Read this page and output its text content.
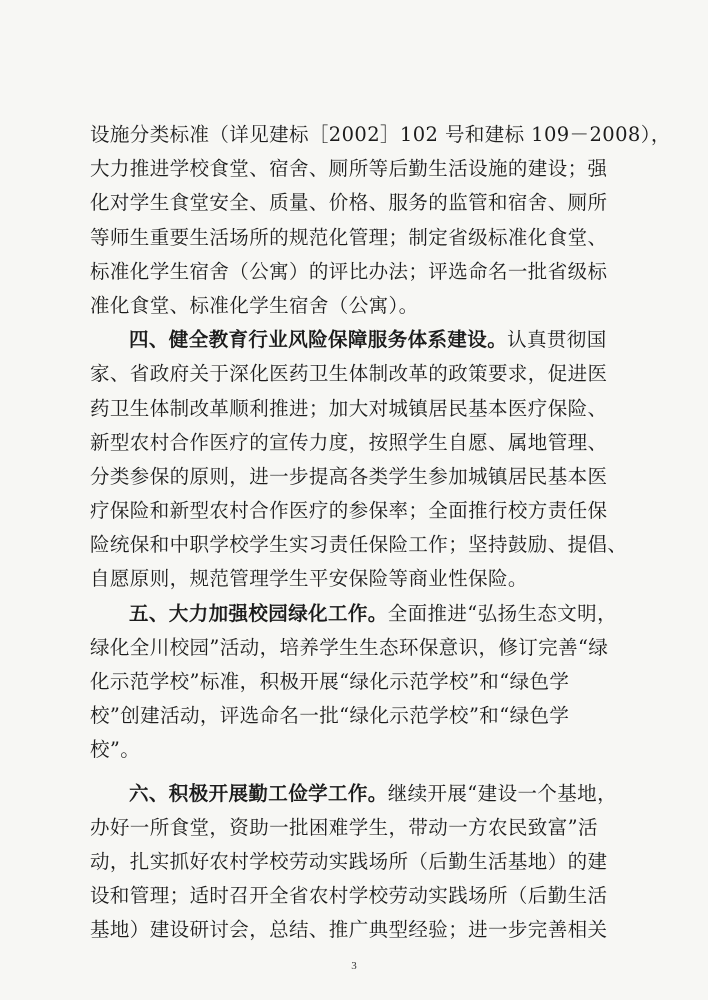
设施分类标准（详见建标［2002］102 号和建标 109－2008），
大力推进学校食堂、宿舍、厕所等后勤生活设施的建设；强
化对学生食堂安全、质量、价格、服务的监管和宿舍、厕所
等师生重要生活场所的规范化管理；制定省级标准化食堂、
标准化学生宿舍（公寓）的评比办法；评选命名一批省级标
准化食堂、标准化学生宿舍（公寓）。
四、健全教育行业风险保障服务体系建设。认真贯彻国
家、省政府关于深化医药卫生体制改革的政策要求，促进医
药卫生体制改革顺利推进；加大对城镇居民基本医疗保险、
新型农村合作医疗的宣传力度，按照学生自愿、属地管理、
分类参保的原则，进一步提高各类学生参加城镇居民基本医
疗保险和新型农村合作医疗的参保率；全面推行校方责任保
险统保和中职学校学生实习责任保险工作；坚持鼓励、提倡、
自愿原则，规范管理学生平安保险等商业性保险。
五、大力加强校园绿化工作。全面推进“弘扬生态文明，
绿化全川校园”活动，培养学生生态环保意识，修订完善“绿
化示范学校”标准，积极开展“绿化示范学校”和“绿色学
校”创建活动，评选命名一批“绿化示范学校”和“绿色学
校”。
六、积极开展勤工俭学工作。继续开展“建设一个基地，
办好一所食堂，资助一批困难学生，带动一方农民致富”活
动，扎实抓好农村学校劳动实践场所（后勤生活基地）的建
设和管理；适时召开全省农村学校劳动实践场所（后勤生活
基地）建设研讨会，总结、推广典型经验；进一步完善相关
3
